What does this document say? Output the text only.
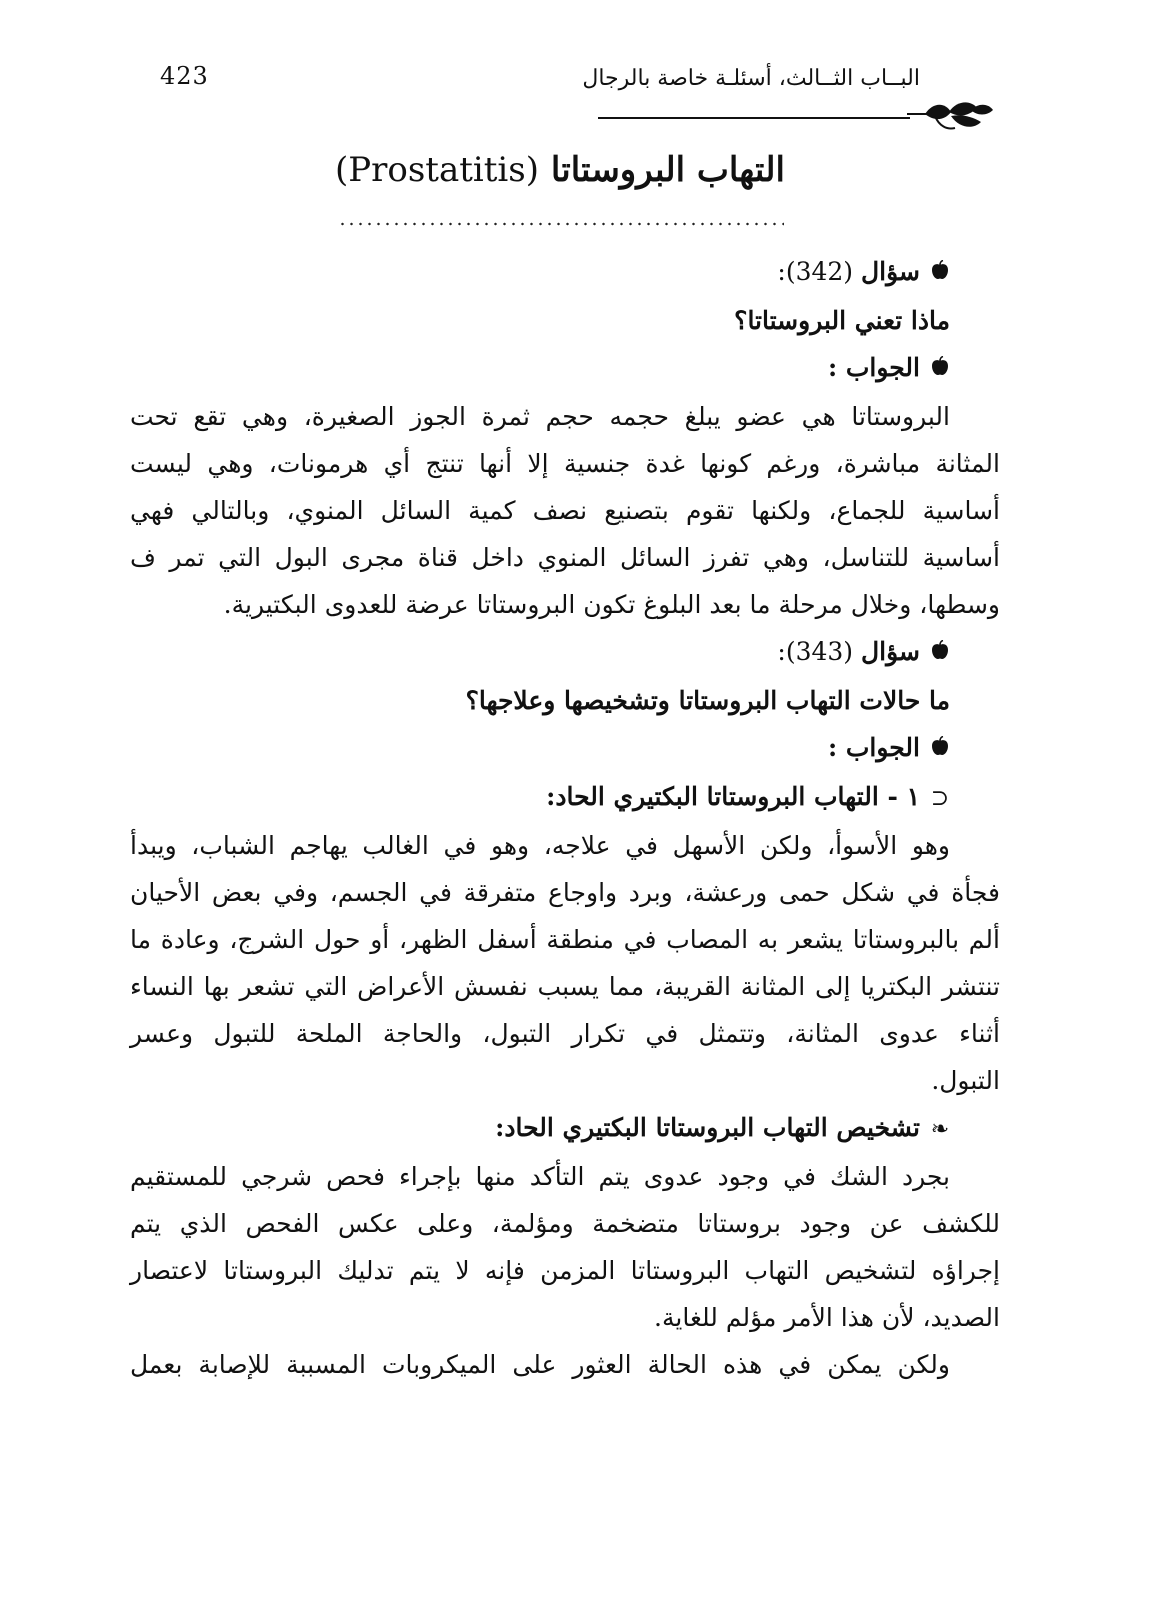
423	البــاب الثــالث، أسئلـة خاصة بالرجال
التهاب البروستاتا (Prostatitis)
سؤال (342):
ماذا تعني البروستاتا؟
الجواب :
البروستاتا هي عضو يبلغ حجمه حجم ثمرة الجوز الصغيرة، وهي تقع تحت
المثانة مباشرة، ورغم كونها غدة جنسية إلا أنها تنتج أي هرمونات، وهي ليست
أساسية للجماع، ولكنها تقوم بتصنيع نصف كمية السائل المنوي، وبالتالي فهي
أساسية للتناسل، وهي تفرز السائل المنوي داخل قناة مجرى البول التي تمر ف
وسطها، وخلال مرحلة ما بعد البلوغ تكون البروستاتا عرضة للعدوى البكتيرية.
سؤال (343):
ما حالات التهاب البروستاتا وتشخيصها وعلاجها؟
الجواب :
⊂١ - التهاب البروستاتا البكتيري الحاد:
وهو الأسوأ، ولكن الأسهل في علاجه، وهو في الغالب يهاجم الشباب، ويبدأ
فجأة في شكل حمى ورعشة، وبرد واوجاع متفرقة في الجسم، وفي بعض الأحيان
ألم بالبروستاتا يشعر به المصاب في منطقة أسفل الظهر، أو حول الشرج، وعادة ما
تنتشر البكتريا إلى المثانة القريبة، مما يسبب نفسش الأعراض التي تشعر بها النساء
أثناء عدوى المثانة، وتتمثل في تكرار التبول، والحاجة الملحة للتبول وعسر
التبول.
❧تشخيص التهاب البروستاتا البكتيري الحاد:
بجرد الشك في وجود عدوى يتم التأكد منها بإجراء فحص شرجي للمستقيم
للكشف عن وجود بروستاتا متضخمة ومؤلمة، وعلى عكس الفحص الذي يتم
إجراؤه لتشخيص التهاب البروستاتا المزمن فإنه لا يتم تدليك البروستاتا لاعتصار
الصديد، لأن هذا الأمر مؤلم للغاية.
ولكن يمكن في هذه الحالة العثور على الميكروبات المسببة للإصابة بعمل
